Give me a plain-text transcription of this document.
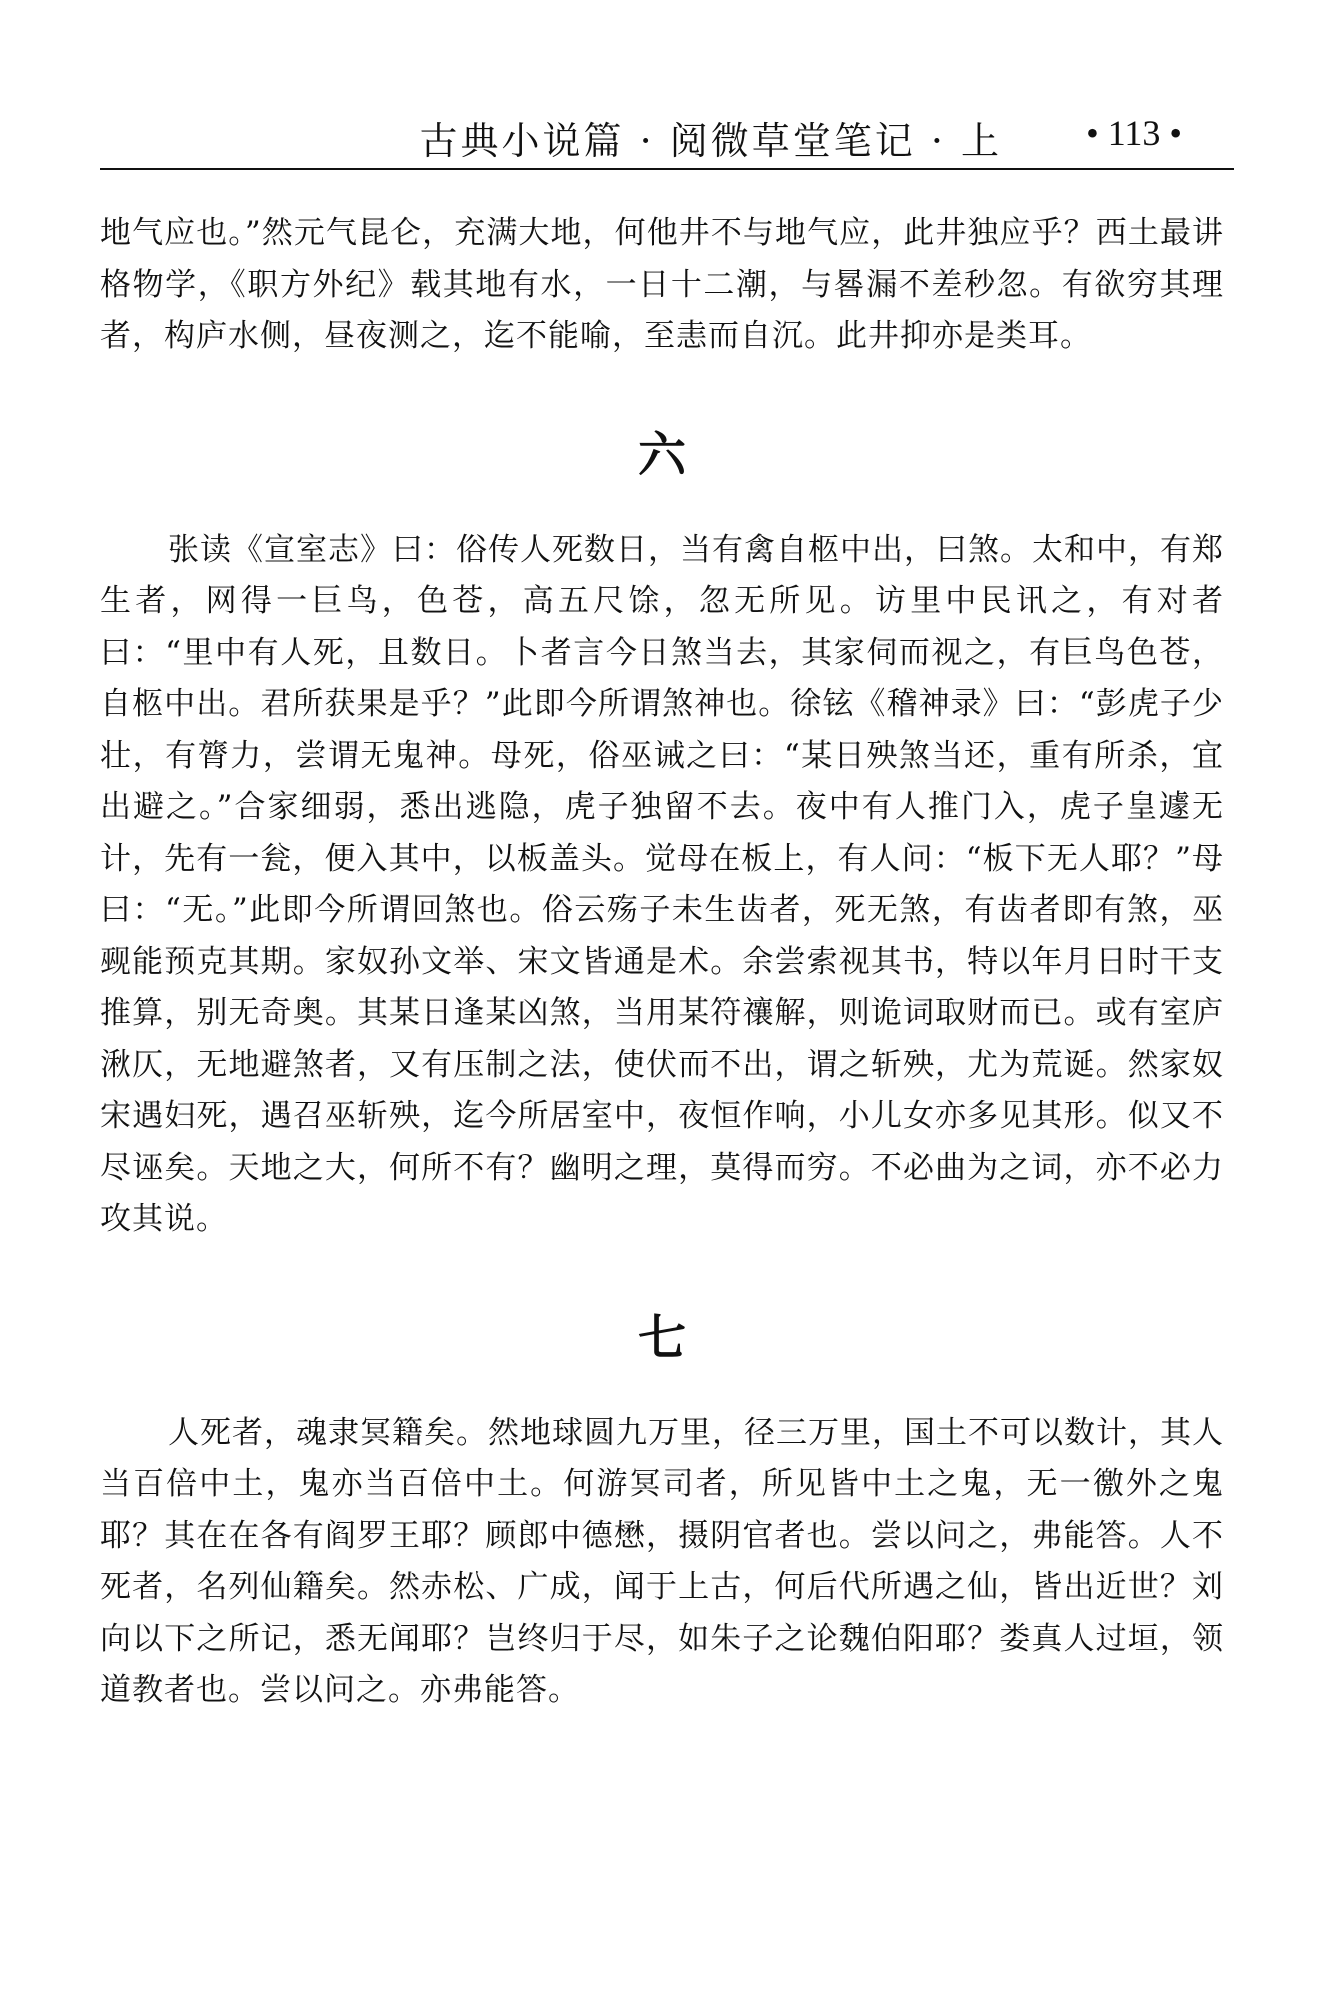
古典小说篇 · 阅微草堂笔记 · 上 • 113 •

地气应也。”然元气昆仑，充满大地，何他井不与地气应，此井独应乎？西土最讲格物学，《职方外纪》载其地有水，一日十二潮，与晷漏不差秒忽。有欲穷其理者，构庐水侧，昼夜测之，迄不能喻，至恚而自沉。此井抑亦是类耳。

六

张读《宣室志》曰：俗传人死数日，当有禽自柩中出，曰煞。太和中，有郑生者，网得一巨鸟，色苍，高五尺馀，忽无所见。访里中民讯之，有对者曰：“里中有人死，且数日。卜者言今日煞当去，其家伺而视之，有巨鸟色苍，自柩中出。君所获果是乎？”此即今所谓煞神也。徐铉《稽神录》曰：“彭虎子少壮，有膂力，尝谓无鬼神。母死，俗巫诫之曰：“某日殃煞当还，重有所杀，宜出避之。”合家细弱，悉出逃隐，虎子独留不去。夜中有人推门入，虎子皇遽无计，先有一瓮，便入其中，以板盖头。觉母在板上，有人问：“板下无人耶？”母曰：“无。”此即今所谓回煞也。俗云殇子未生齿者，死无煞，有齿者即有煞，巫觋能预克其期。家奴孙文举、宋文皆通是术。余尝索视其书，特以年月日时干支推算，别无奇奥。其某日逢某凶煞，当用某符禳解，则诡词取财而已。或有室庐湫仄，无地避煞者，又有压制之法，使伏而不出，谓之斩殃，尤为荒诞。然家奴宋遇妇死，遇召巫斩殃，迄今所居室中，夜恒作响，小儿女亦多见其形。似又不尽诬矣。天地之大，何所不有？幽明之理，莫得而穷。不必曲为之词，亦不必力攻其说。

七

人死者，魂隶冥籍矣。然地球圆九万里，径三万里，国土不可以数计，其人当百倍中土，鬼亦当百倍中土。何游冥司者，所见皆中土之鬼，无一徼外之鬼耶？其在在各有阎罗王耶？顾郎中德懋，摄阴官者也。尝以问之，弗能答。人不死者，名列仙籍矣。然赤松、广成，闻于上古，何后代所遇之仙，皆出近世？刘向以下之所记，悉无闻耶？岂终归于尽，如朱子之论魏伯阳耶？娄真人过垣，领道教者也。尝以问之。亦弗能答。
